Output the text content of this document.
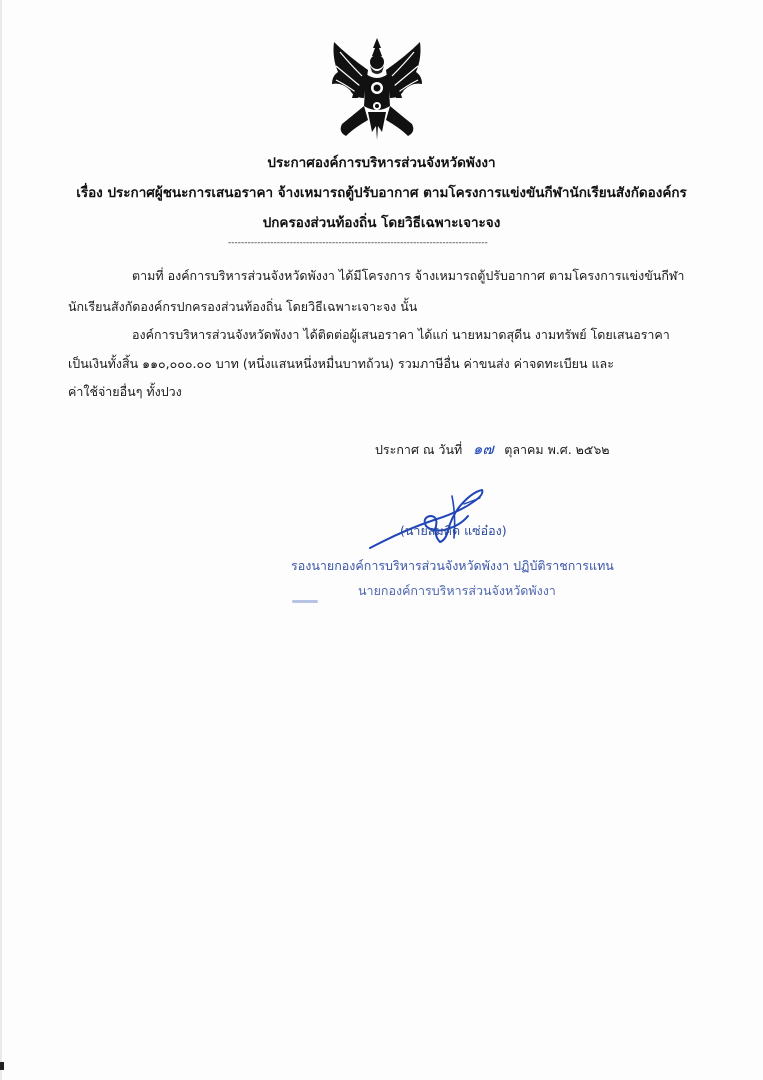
ประกาศองค์การบริหารส่วนจังหวัดพังงา
เรื่อง ประกาศผู้ชนะการเสนอราคา จ้างเหมารถตู้ปรับอากาศ ตามโครงการแข่งขันกีฬานักเรียนสังกัดองค์กร
ปกครองส่วนท้องถิ่น โดยวิธีเฉพาะเจาะจง
--------------------------------------------------------------------------------
ตามที่ องค์การบริหารส่วนจังหวัดพังงา ได้มีโครงการ จ้างเหมารถตู้ปรับอากาศ ตามโครงการแข่งขันกีฬา
นักเรียนสังกัดองค์กรปกครองส่วนท้องถิ่น โดยวิธีเฉพาะเจาะจง นั้น
องค์การบริหารส่วนจังหวัดพังงา ได้ติดต่อผู้เสนอราคา ได้แก่ นายหมาดสุดีน งามทรัพย์ โดยเสนอราคา
เป็นเงินทั้งสิ้น ๑๑๐,๐๐๐.๐๐ บาท (หนึ่งแสนหนึ่งหมื่นบาทถ้วน) รวมภาษีอื่น ค่าขนส่ง ค่าจดทะเบียน และ
ค่าใช้จ่ายอื่นๆ ทั้งปวง
ประกาศ ณ วันที่ ๑๗ ตุลาคม พ.ศ. ๒๕๖๒
(นายสมคิด แซ่อ๋อง)
รองนายกองค์การบริหารส่วนจังหวัดพังงา ปฏิบัติราชการแทน
นายกองค์การบริหารส่วนจังหวัดพังงา
